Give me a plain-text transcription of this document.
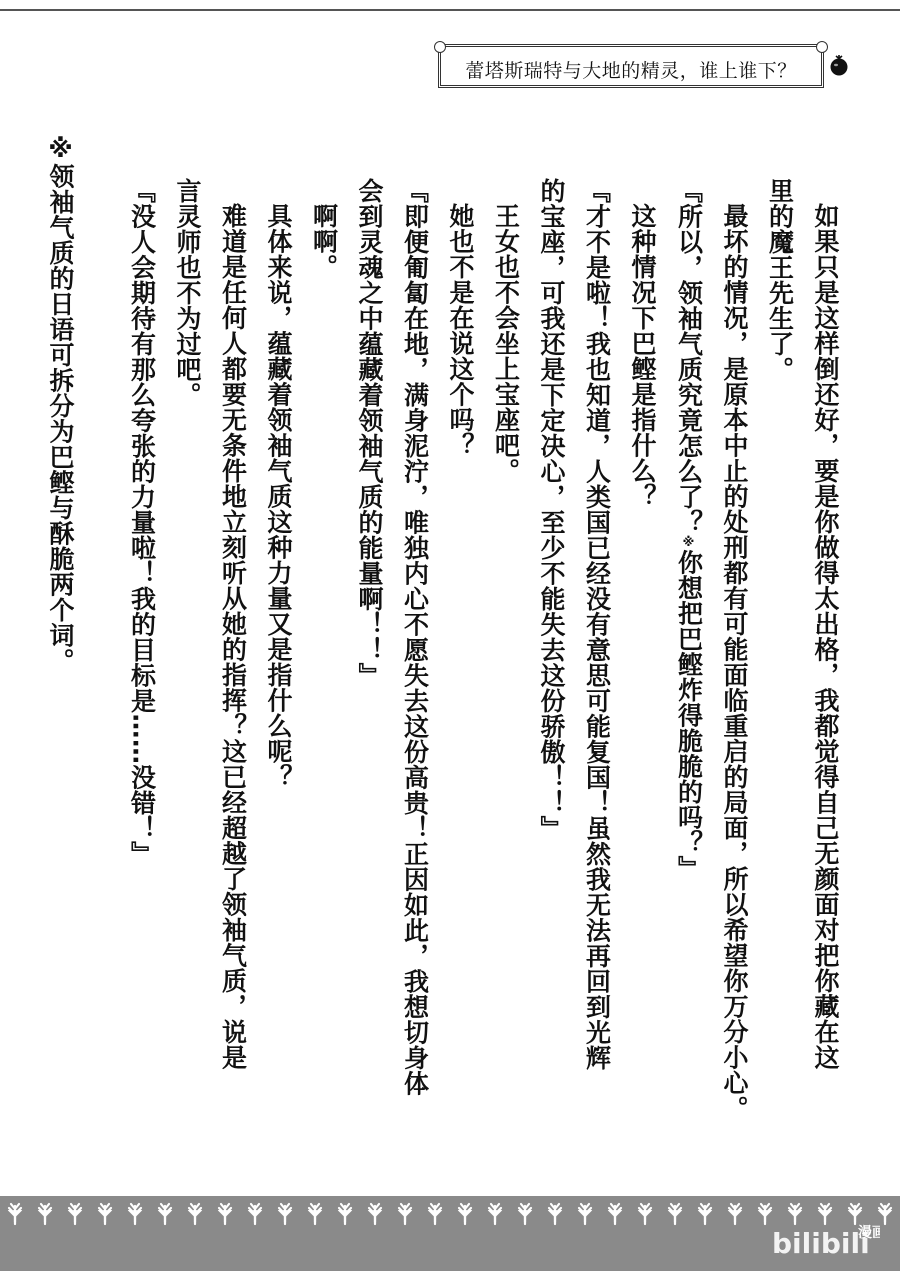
蕾塔斯瑞特与大地的精灵，谁上谁下？

如果只是这样倒还好，要是你做得太出格，我都觉得自己无颜面对把你藏在这

里的魔王先生了。

最坏的情况，是原本中止的处刑都有可能面临重启的局面，所以希望你万分小心。

『所以，领袖气质究竟怎么了？※你想把巴鲣炸得脆脆的吗？』

这种情况下巴鲣是指什么？

『才不是啦！我也知道，人类国已经没有意思可能复国！虽然我无法再回到光辉

的宝座，可我还是下定决心，至少不能失去这份骄傲！！』

王女也不会坐上宝座吧。

她也不是在说这个吗？

『即便匍匐在地，满身泥泞，唯独内心不愿失去这份高贵！正因如此，我想切身体

会到灵魂之中蕴藏着领袖气质的能量啊！！』

啊啊。

具体来说，蕴藏着领袖气质这种力量又是指什么呢？

难道是任何人都要无条件地立刻听从她的指挥？这已经超越了领袖气质，说是

言灵师也不为过吧。

『没人会期待有那么夸张的力量啦！我的目标是……没错！』

※领袖气质的日语可拆分为巴鲣与酥脆两个词。

bilibili
漫画
